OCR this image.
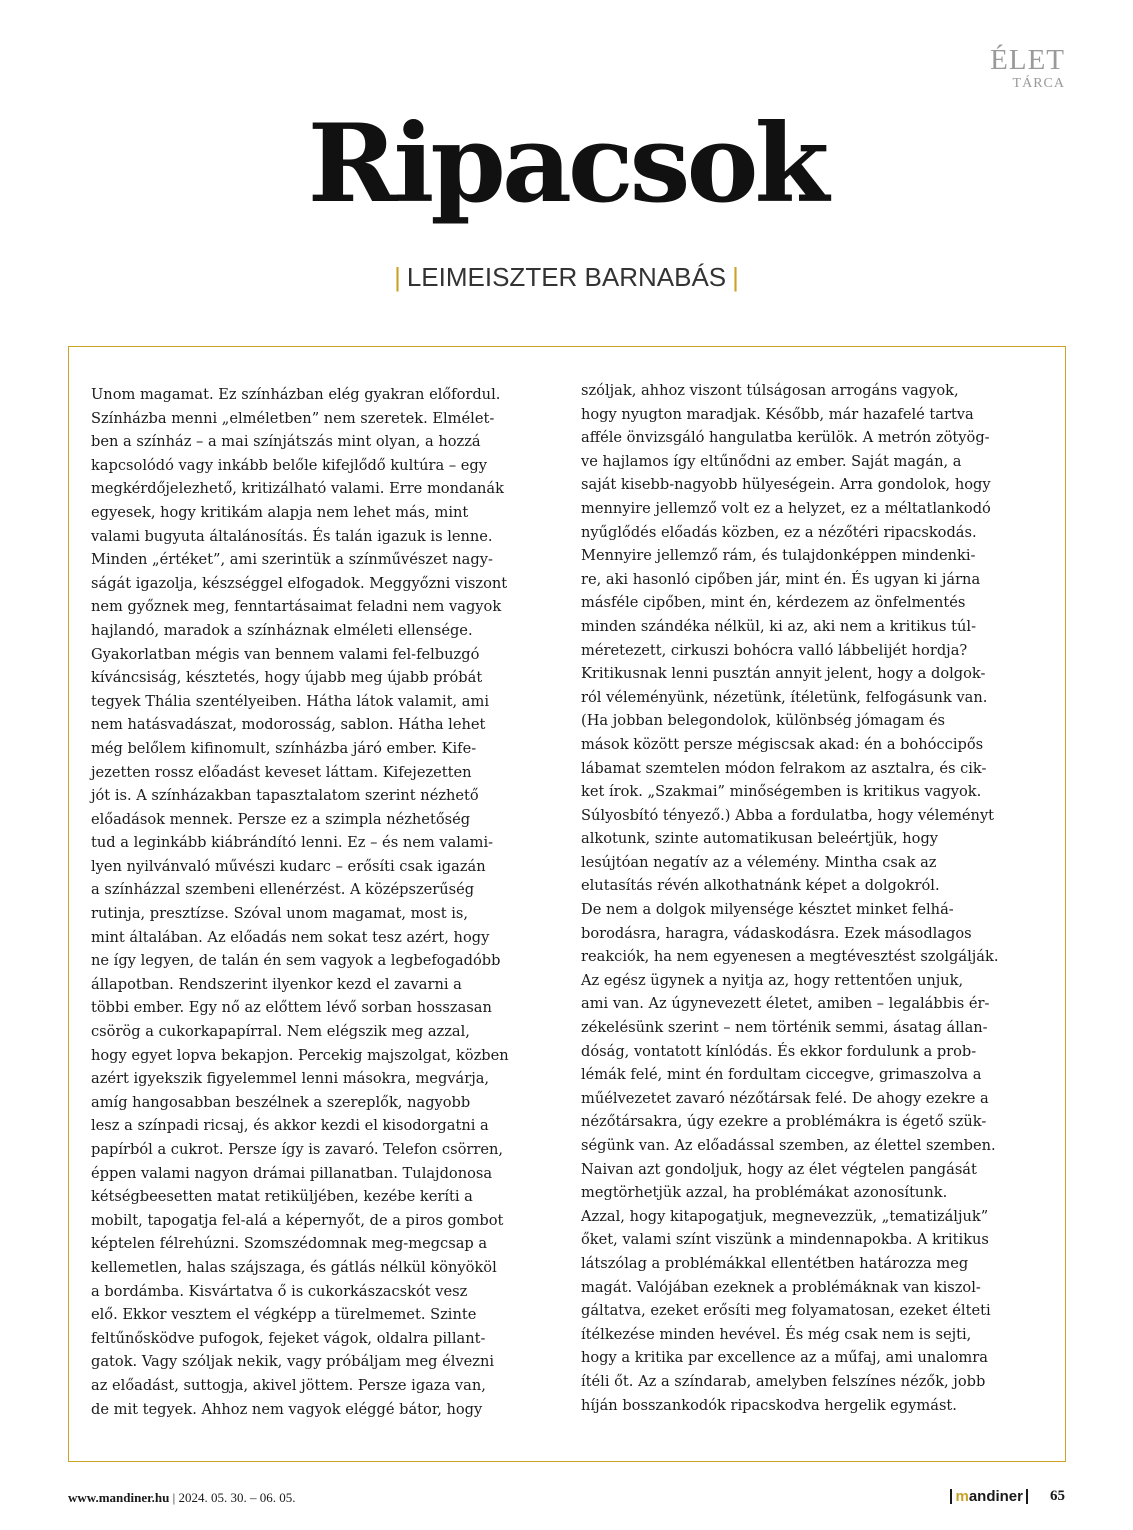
ÉLET
TÁRCA
Ripacsok
| LEIMEISZTER BARNABÁS |
Unom magamat. Ez színházban elég gyakran előfordul.
Színházba menni „elméletben” nem szeretek. Elmélet-
ben a színház – a mai színjátszás mint olyan, a hozzá
kapcsolódó vagy inkább belőle kifejlődő kultúra – egy
megkérdőjelezhető, kritizálható valami. Erre mondanák
egyesek, hogy kritikám alapja nem lehet más, mint
valami bugyuta általánosítás. És talán igazuk is lenne.
Minden „értéket”, ami szerintük a színművészet nagy-
ságát igazolja, készséggel elfogadok. Meggyőzni viszont
nem győznek meg, fenntartásaimat feladni nem vagyok
hajlandó, maradok a színháznak elméleti ellensége.
Gyakorlatban mégis van bennem valami fel-felbuzgó
kíváncsiság, késztetés, hogy újabb meg újabb próbát
tegyek Thália szentélyeiben. Hátha látok valamit, ami
nem hatásvadászat, modorosság, sablon. Hátha lehet
még belőlem kifinomult, színházba járó ember. Kife-
jezetten rossz előadást keveset láttam. Kifejezetten
jót is. A színházakban tapasztalatom szerint nézhető
előadások mennek. Persze ez a szimpla nézhetőség
tud a leginkább kiábrándító lenni. Ez – és nem valami-
lyen nyilvánvaló művészi kudarc – erősíti csak igazán
a színházzal szembeni ellenérzést. A középszerűség
rutinja, presztízse. Szóval unom magamat, most is,
mint általában. Az előadás nem sokat tesz azért, hogy
ne így legyen, de talán én sem vagyok a legbefogadóbb
állapotban. Rendszerint ilyenkor kezd el zavarni a
többi ember. Egy nő az előttem lévő sorban hosszasan
csörög a cukorkapapírral. Nem elégszik meg azzal,
hogy egyet lopva bekapjon. Percekig majszolgat, közben
azért igyekszik figyelemmel lenni másokra, megvárja,
amíg hangosabban beszélnek a szereplők, nagyobb
lesz a színpadi ricsaj, és akkor kezdi el kisodorgatni a
papírból a cukrot. Persze így is zavaró. Telefon csörren,
éppen valami nagyon drámai pillanatban. Tulajdonosa
kétségbeesetten matat retiküljében, kezébe keríti a
mobilt, tapogatja fel-alá a képernyőt, de a piros gombot
képtelen félrehúzni. Szomszédomnak meg-megcsap a
kellemetlen, halas szájszaga, és gátlás nélkül könyököl
a bordámba. Kisvártatva ő is cukorkászacskót vesz
elő. Ekkor vesztem el végképp a türelmemet. Szinte
feltűnősködve pufogok, fejeket vágok, oldalra pillant-
gatok. Vagy szóljak nekik, vagy próbáljam meg élvezni
az előadást, suttogja, akivel jöttem. Persze igaza van,
de mit tegyek. Ahhoz nem vagyok eléggé bátor, hogy
szóljak, ahhoz viszont túlságosan arrogáns vagyok,
hogy nyugton maradjak. Később, már hazafelé tartva
afféle önvizsgáló hangulatba kerülök. A metrón zötyög-
ve hajlamos így eltűnődni az ember. Saját magán, a
saját kisebb-nagyobb hülyeségein. Arra gondolok, hogy
mennyire jellemző volt ez a helyzet, ez a méltatlankodó
nyűglődés előadás közben, ez a nézőtéri ripacskodás.
Mennyire jellemző rám, és tulajdonképpen mindenki-
re, aki hasonló cipőben jár, mint én. És ugyan ki járna
másféle cipőben, mint én, kérdezem az önfelmentés
minden szándéka nélkül, ki az, aki nem a kritikus túl-
méretezett, cirkuszi bohócra valló lábbelijét hordja?
Kritikusnak lenni pusztán annyit jelent, hogy a dolgok-
ról véleményünk, nézetünk, ítéletünk, felfogásunk van.
(Ha jobban belegondolok, különbség jómagam és
mások között persze mégiscsak akad: én a bohóccipős
lábamat szemtelen módon felrakom az asztalra, és cik-
ket írok. „Szakmai” minőségemben is kritikus vagyok.
Súlyosbító tényező.) Abba a fordulatba, hogy véleményt
alkotunk, szinte automatikusan beleértjük, hogy
lesújtóan negatív az a vélemény. Mintha csak az
elutasítás révén alkothatnánk képet a dolgokról.
De nem a dolgok milyensége késztet minket felhá-
borodásra, haragra, vádaskodásra. Ezek másodlagos
reakciók, ha nem egyenesen a megtévesztést szolgálják.
Az egész ügynek a nyitja az, hogy rettentően unjuk,
ami van. Az úgynevezett életet, amiben – legalábbis ér-
zékelésünk szerint – nem történik semmi, ásatag állan-
dóság, vontatott kínlódás. És ekkor fordulunk a prob-
lémák felé, mint én fordultam ciccegve, grimaszolva a
műélvezetet zavaró nézőtársak felé. De ahogy ezekre a
nézőtársakra, úgy ezekre a problémákra is égető szük-
ségünk van. Az előadással szemben, az élettel szemben.
Naivan azt gondoljuk, hogy az élet végtelen pangását
megtörhetjük azzal, ha problémákat azonosítunk.
Azzal, hogy kitapogatjuk, megnevezzük, „tematizáljuk”
őket, valami színt viszünk a mindennapokba. A kritikus
látszólag a problémákkal ellentétben határozza meg
magát. Valójában ezeknek a problémáknak van kiszol-
gáltatva, ezeket erősíti meg folyamatosan, ezeket élteti
ítélkezése minden hevével. És még csak nem is sejti,
hogy a kritika par excellence az a műfaj, ami unalomra
ítéli őt. Az a színdarab, amelyben felszínes nézők, jobb
híján bosszankodók ripacskodva hergelik egymást.
www.mandiner.hu | 2024. 05. 30. – 06. 05.	mandiner	65
